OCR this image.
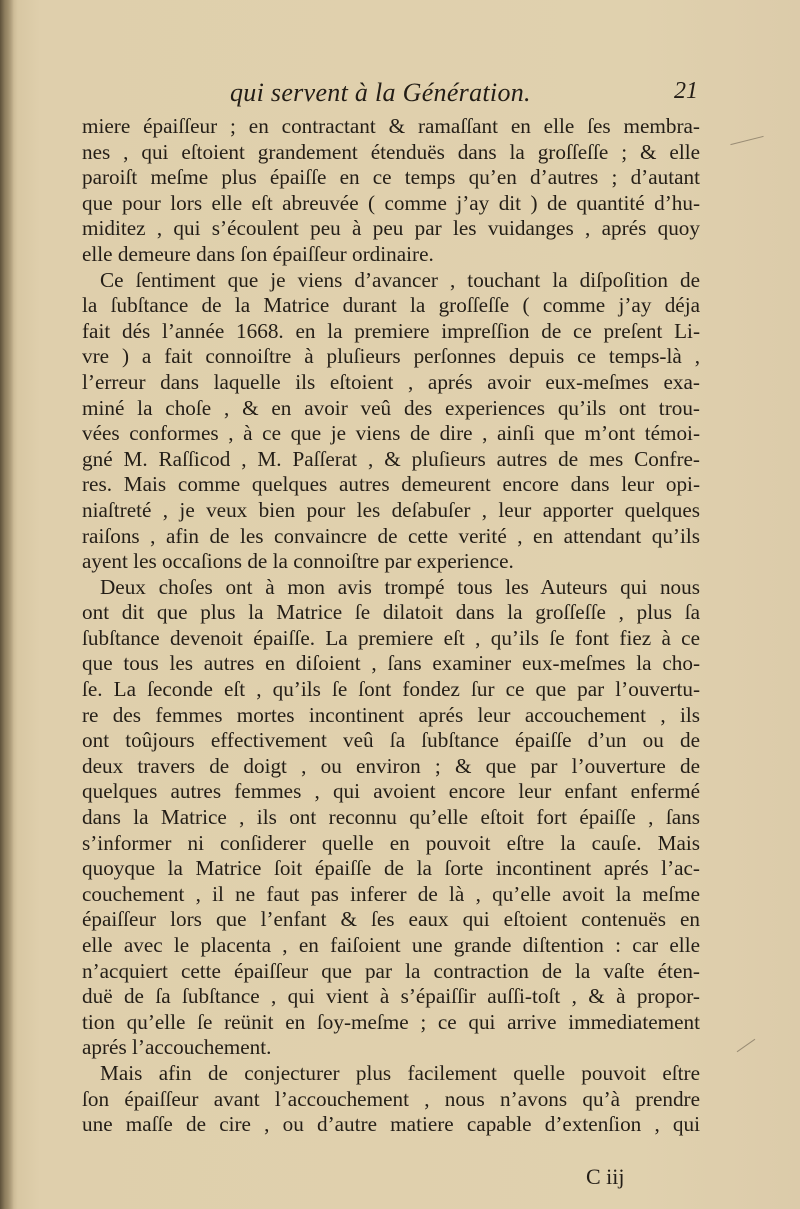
qui servent à la Génération.	21
miere épaiſſeur ; en contractant & ramaſſant en elle ſes membra-
nes , qui eſtoient grandement étenduës dans la groſſeſſe ; & elle
paroiſt meſme plus épaiſſe en ce temps qu’en d’autres ; d’autant
que pour lors elle eſt abreuvée ( comme j’ay dit ) de quantité d’hu-
miditez , qui s’écoulent peu à peu par les vuidanges , aprés quoy
elle demeure dans ſon épaiſſeur ordinaire.
Ce ſentiment que je viens d’avancer , touchant la diſpoſition de
la ſubſtance de la Matrice durant la groſſeſſe ( comme j’ay déja
fait dés l’année 1668. en la premiere impreſſion de ce preſent Li-
vre ) a fait connoiſtre à pluſieurs perſonnes depuis ce temps-là ,
l’erreur dans laquelle ils eſtoient , aprés avoir eux-meſmes exa-
miné la choſe , & en avoir veû des experiences qu’ils ont trou-
vées conformes , à ce que je viens de dire , ainſi que m’ont témoi-
gné M. Raſſicod , M. Paſſerat , & pluſieurs autres de mes Confre-
res. Mais comme quelques autres demeurent encore dans leur opi-
niaſtreté , je veux bien pour les deſabuſer , leur apporter quelques
raiſons , afin de les convaincre de cette verité , en attendant qu’ils
ayent les occaſions de la connoiſtre par experience.
Deux choſes ont à mon avis trompé tous les Auteurs qui nous
ont dit que plus la Matrice ſe dilatoit dans la groſſeſſe , plus ſa
ſubſtance devenoit épaiſſe. La premiere eſt , qu’ils ſe font fiez à ce
que tous les autres en diſoient , ſans examiner eux-meſmes la cho-
ſe. La ſeconde eſt , qu’ils ſe ſont fondez ſur ce que par l’ouvertu-
re des femmes mortes incontinent aprés leur accouchement , ils
ont toûjours effectivement veû ſa ſubſtance épaiſſe d’un ou de
deux travers de doigt , ou environ ; & que par l’ouverture de
quelques autres femmes , qui avoient encore leur enfant enfermé
dans la Matrice , ils ont reconnu qu’elle eſtoit fort épaiſſe , ſans
s’informer ni conſiderer quelle en pouvoit eſtre la cauſe. Mais
quoyque la Matrice ſoit épaiſſe de la ſorte incontinent aprés l’ac-
couchement , il ne faut pas inferer de là , qu’elle avoit la meſme
épaiſſeur lors que l’enfant & ſes eaux qui eſtoient contenuës en
elle avec le placenta , en faiſoient une grande diſtention : car elle
n’acquiert cette épaiſſeur que par la contraction de la vaſte éten-
duë de ſa ſubſtance , qui vient à s’épaiſſir auſſi-toſt , & à propor-
tion qu’elle ſe reünit en ſoy-meſme ; ce qui arrive immediatement
aprés l’accouchement.
Mais afin de conjecturer plus facilement quelle pouvoit eſtre
ſon épaiſſeur avant l’accouchement , nous n’avons qu’à prendre
une maſſe de cire , ou d’autre matiere capable d’extenſion , qui
C iij
